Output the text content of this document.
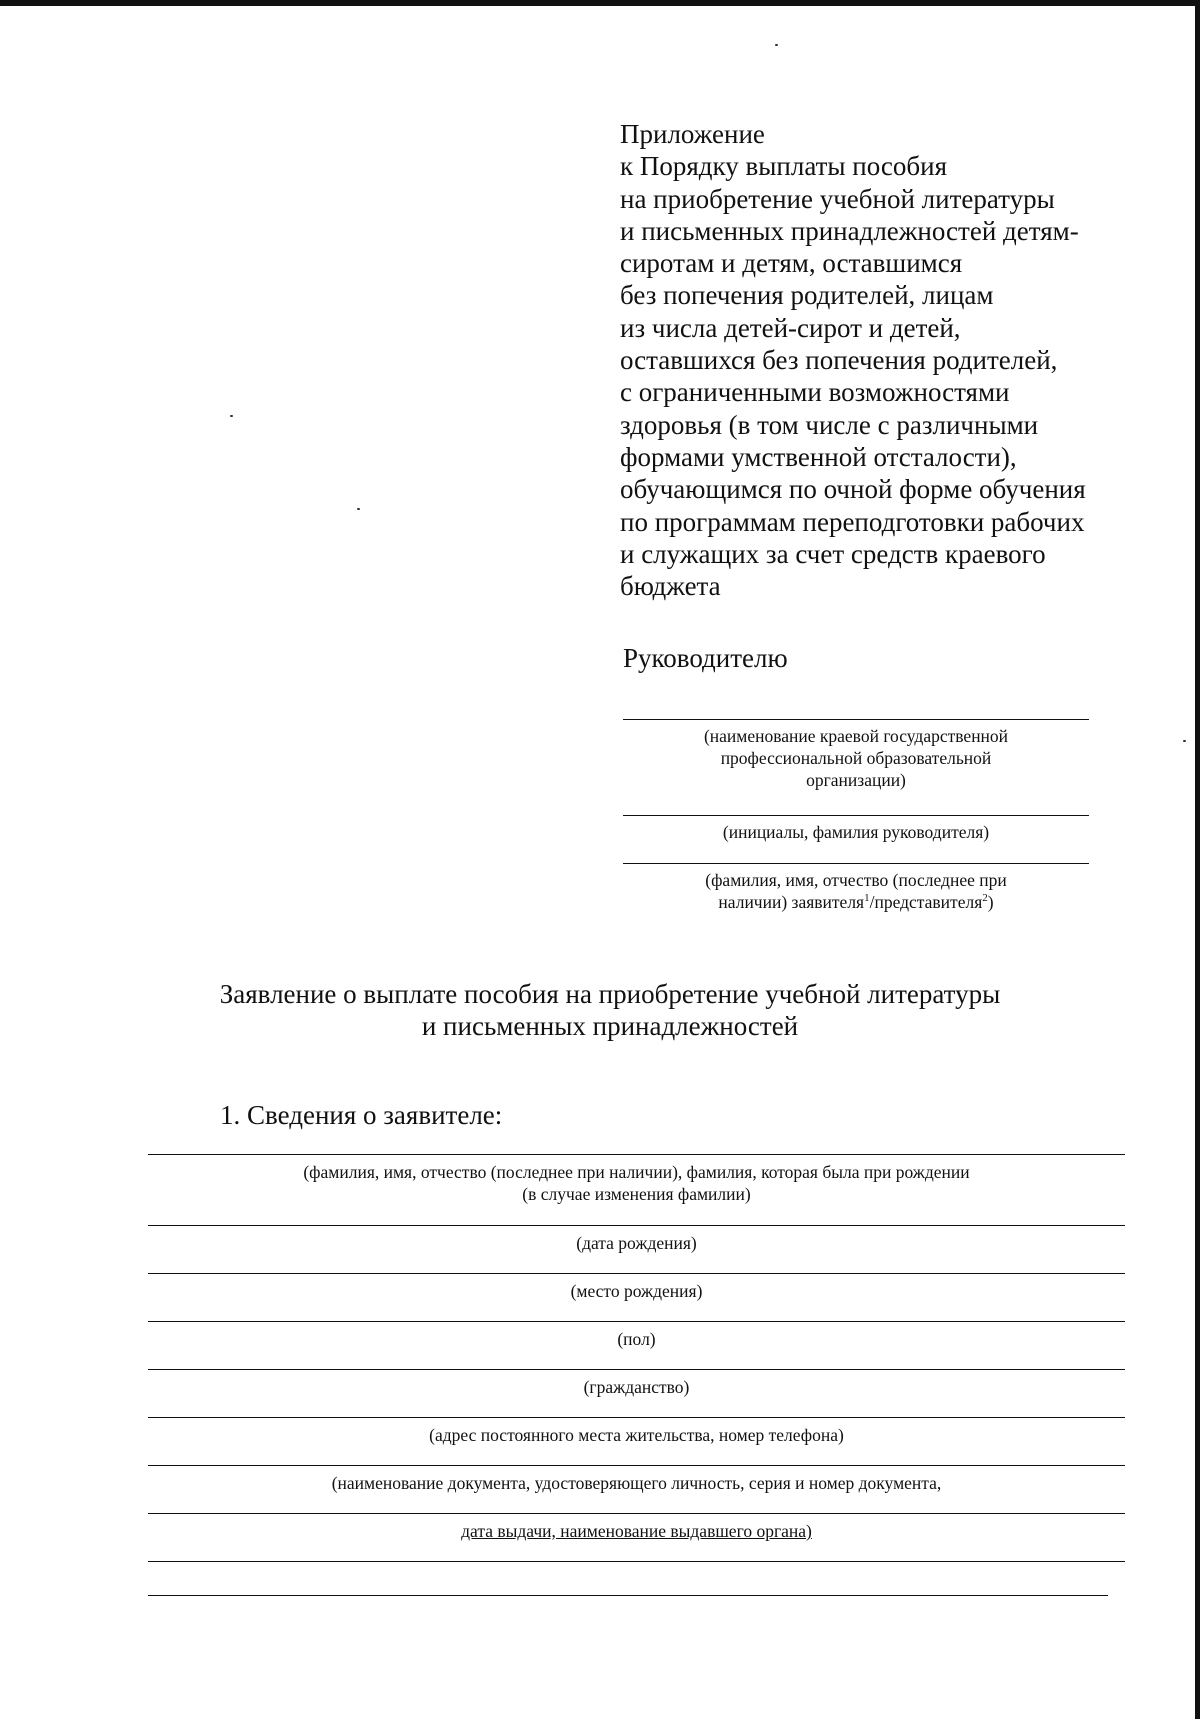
Приложение

к Порядку выплаты пособия

на приобретение учебной литературы

и письменных принадлежностей детям-

сиротам и детям, оставшимся

без попечения родителей, лицам

из числа детей-сирот и детей,

оставшихся без попечения родителей,

с ограниченными возможностями

здоровья (в том числе с различными

формами умственной отсталости),

обучающимся по очной форме обучения

по программам переподготовки рабочих

и служащих за счет средств краевого

бюджета

Руководителю

(наименование краевой государственной
профессиональной образовательной
организации)
(инициалы, фамилия руководителя)
(фамилия, имя, отчество (последнее при
наличии) заявителя$^1$/представителя$^2$)
Заявление о выплате пособия на приобретение учебной литературы
и письменных принадлежностей

1. Сведения о заявителе:

(фамилия, имя, отчество (последнее при наличии), фамилия, которая была при рождении
(в случае изменения фамилии)
(дата рождения)
(место рождения)
(пол)
(гражданство)
(адрес постоянного места жительства, номер телефона)
(наименование документа, удостоверяющего личность, серия и номер документа,
дата выдачи, наименование выдавшего органа)
